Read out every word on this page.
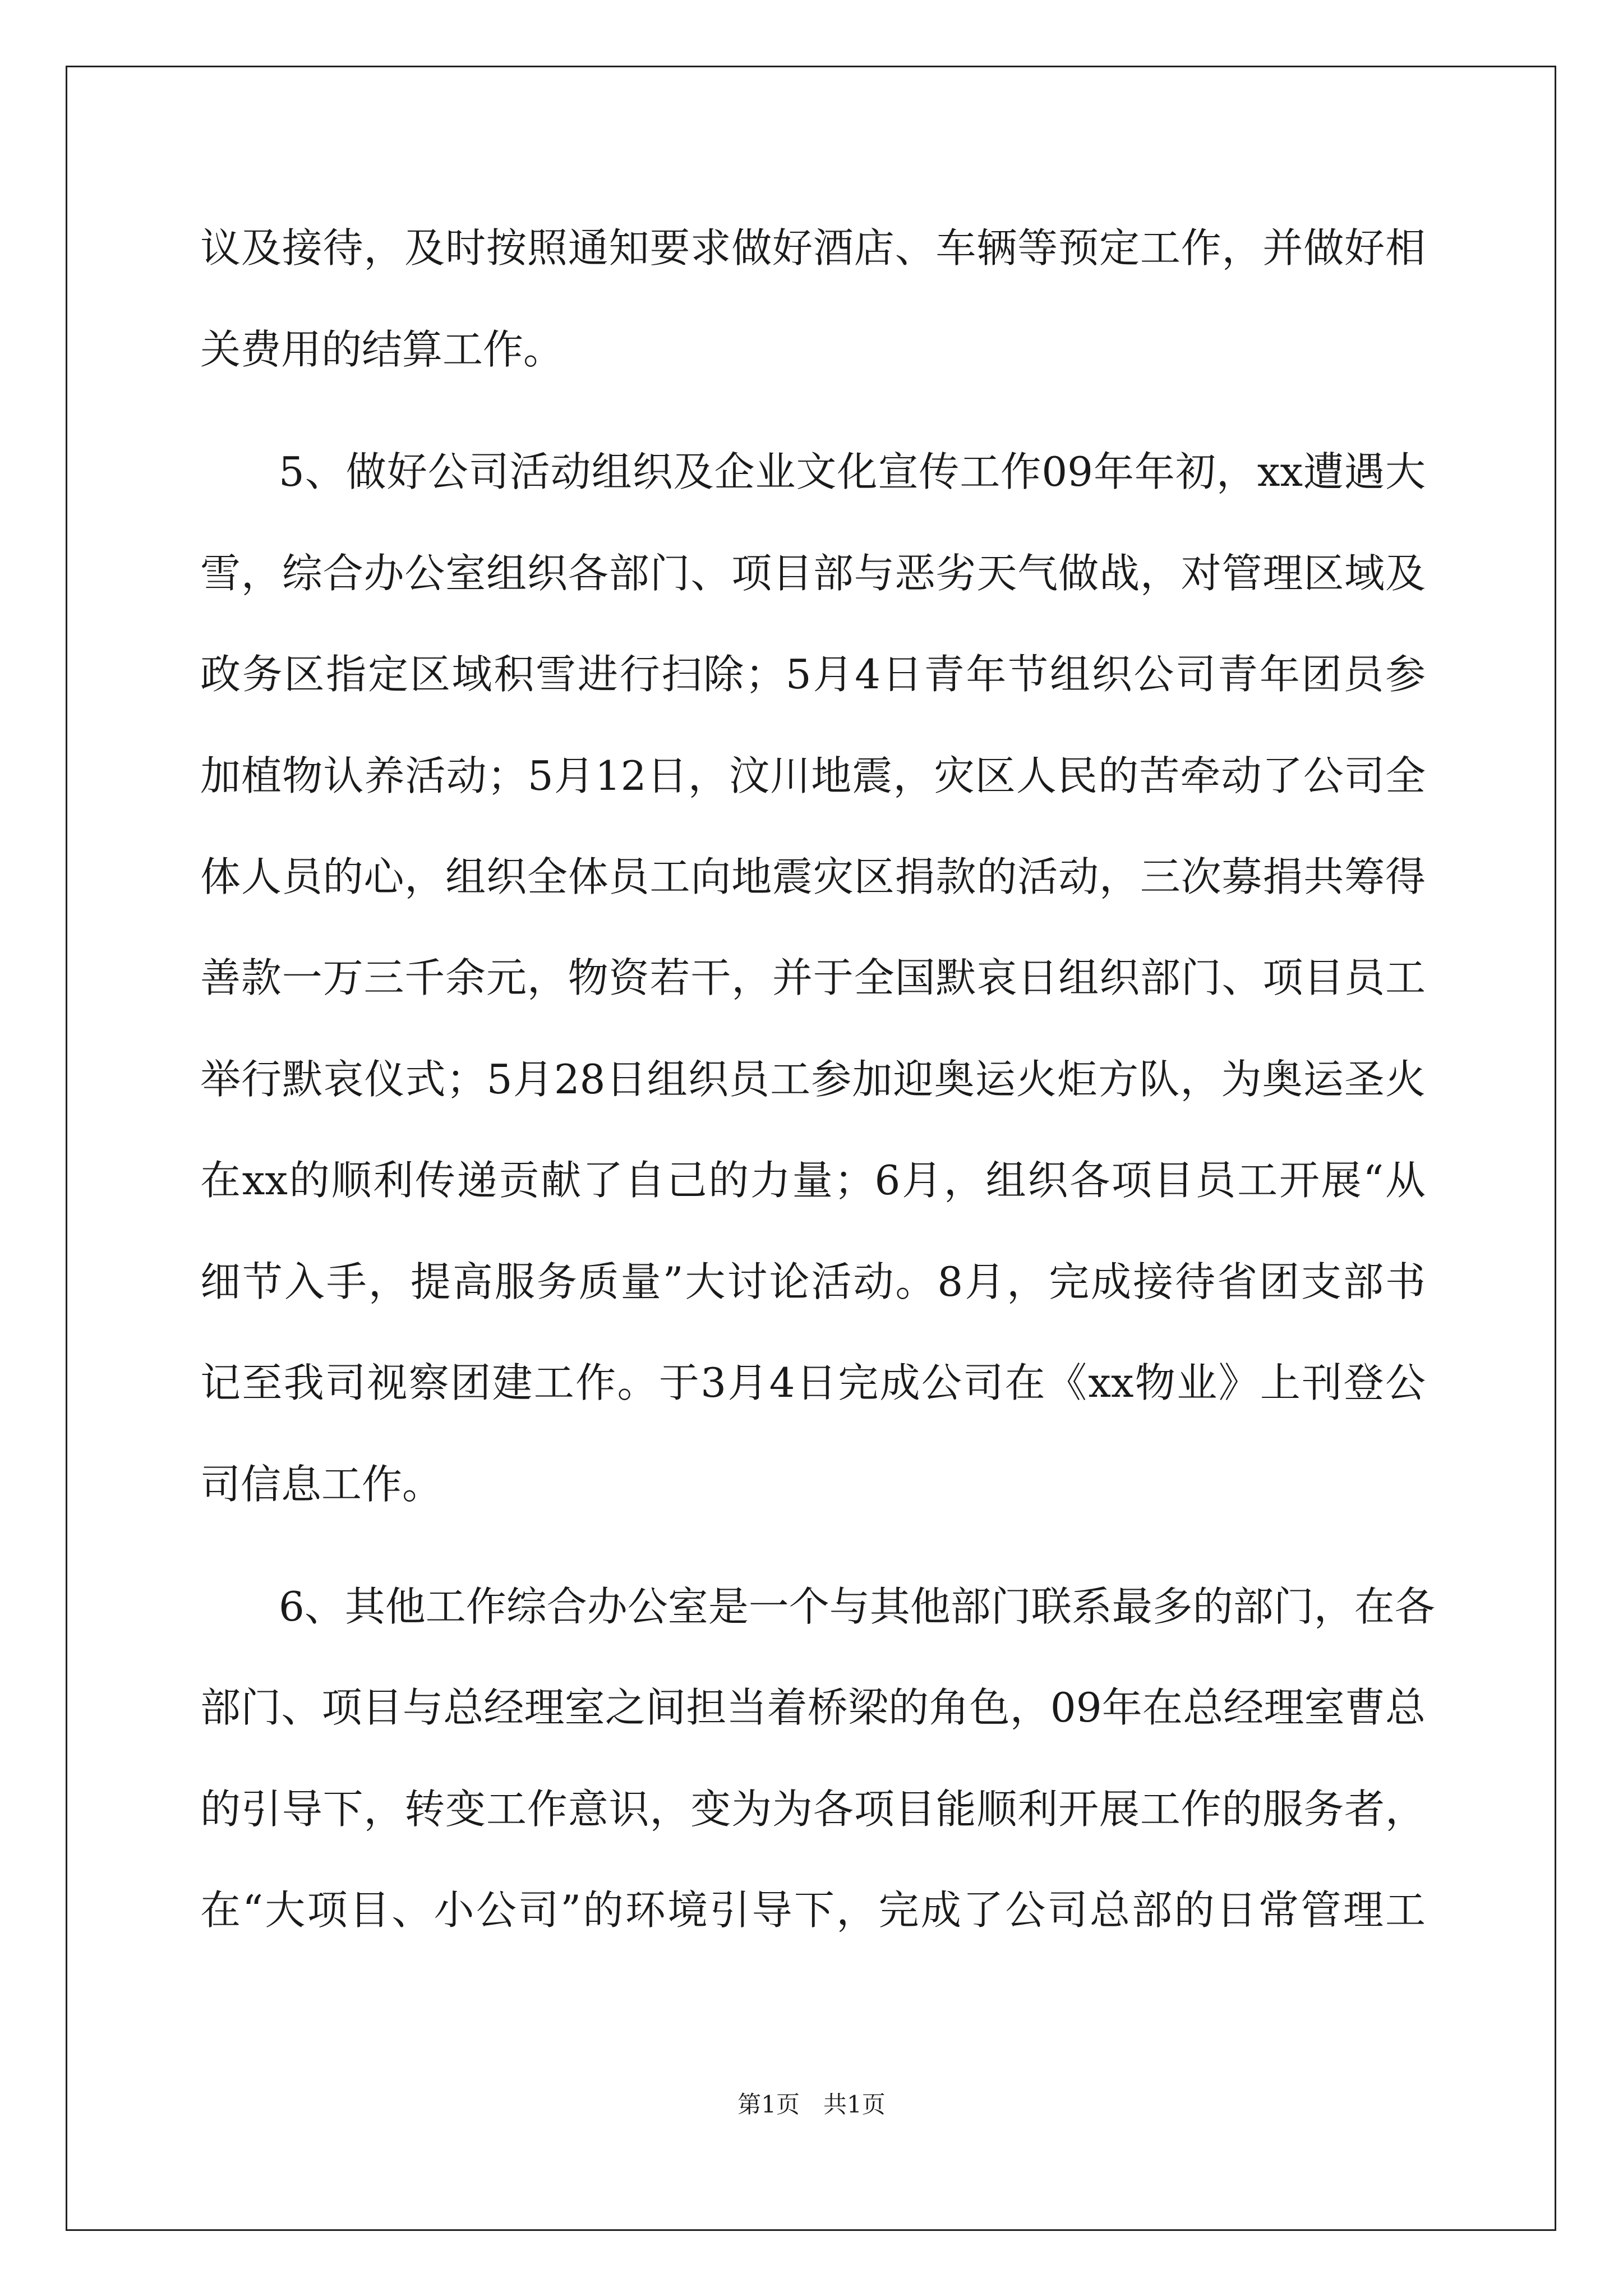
议及接待，及时按照通知要求做好酒店、车辆等预定工作，并做好相
关费用的结算工作。
5、做好公司活动组织及企业文化宣传工作09年年初，xx遭遇大
雪，综合办公室组织各部门、项目部与恶劣天气做战，对管理区域及
政务区指定区域积雪进行扫除；5月4日青年节组织公司青年团员参
加植物认养活动；5月12日，汶川地震，灾区人民的苦牵动了公司全
体人员的心，组织全体员工向地震灾区捐款的活动，三次募捐共筹得
善款一万三千余元，物资若干，并于全国默哀日组织部门、项目员工
举行默哀仪式；5月28日组织员工参加迎奥运火炬方队，为奥运圣火
在xx的顺利传递贡献了自己的力量；6月，组织各项目员工开展“从
细节入手，提高服务质量”大讨论活动。8月，完成接待省团支部书
记至我司视察团建工作。于3月4日完成公司在《xx物业》上刊登公
司信息工作。
6、其他工作综合办公室是一个与其他部门联系最多的部门，在各
部门、项目与总经理室之间担当着桥梁的角色，09年在总经理室曹总
的引导下，转变工作意识，变为为各项目能顺利开展工作的服务者，
在“大项目、小公司”的环境引导下，完成了公司总部的日常管理工
第1页　共1页
